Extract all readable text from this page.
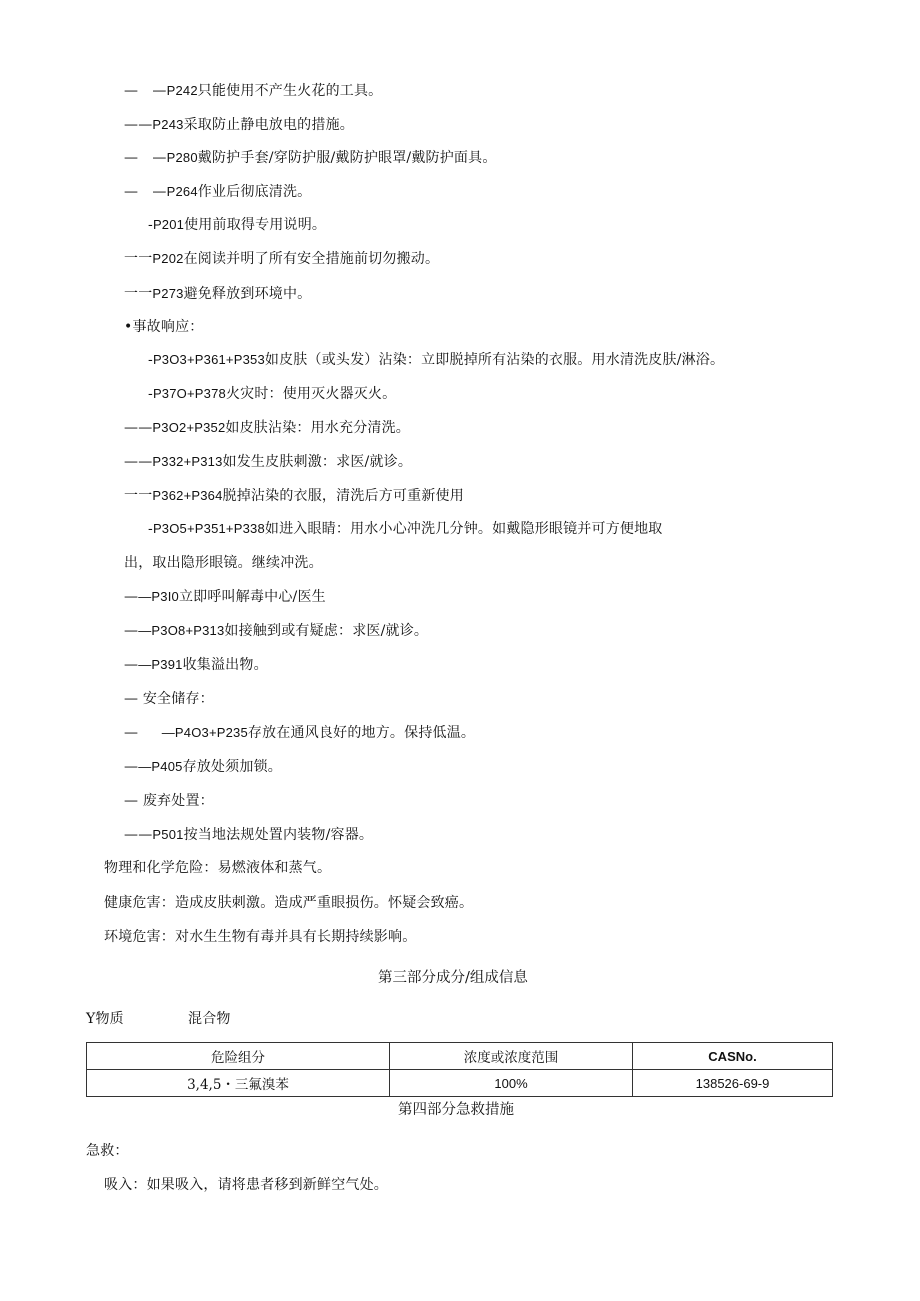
—　—P242只能使用不产生火花的工具。
——P243采取防止静电放电的措施。
—　—P280戴防护手套/穿防护服/戴防护眼罩/戴防护面具。
—　—P264作业后彻底清洗。
-P201使用前取得专用说明。
一一P202在阅读并明了所有安全措施前切勿搬动。
一一P273避免释放到环境中。
•事故响应：
-P3O3+P361+P353如皮肤（或头发）沾染：立即脱掉所有沾染的衣服。用水清洗皮肤/淋浴。
-P37O+P378火灾时：使用灭火器灭火。
——P3O2+P352如皮肤沾染：用水充分清洗。
——P332+P313如发生皮肤刺激：求医/就诊。
一一P362+P364脱掉沾染的衣服，清洗后方可重新使用
-P3O5+P351+P338如进入眼睛：用水小心冲洗几分钟。如戴隐形眼镜并可方便地取
出，取出隐形眼镜。继续冲洗。
——P3I0立即呼叫解毒中心/医生
——P3O8+P313如接触到或有疑虑：求医/就诊。
——P391收集溢出物。
— 安全储存：
—　  —P4O3+P235存放在通风良好的地方。保持低温。
——P405存放处须加锁。
— 废弃处置：
——P501按当地法规处置内装物/容器。
物理和化学危险：易燃液体和蒸气。
健康危害：造成皮肤刺激。造成严重眼损伤。怀疑会致癌。
环境危害：对水生生物有毒并具有长期持续影响。
第三部分成分/组成信息
Y物质	混合物
危险组分	浓度或浓度范围	CASNo.
3,4,5・三氟溴苯	100%	138526-69-9
第四部分急救措施
急救：
吸入：如果吸入，请将患者移到新鲜空气处。
